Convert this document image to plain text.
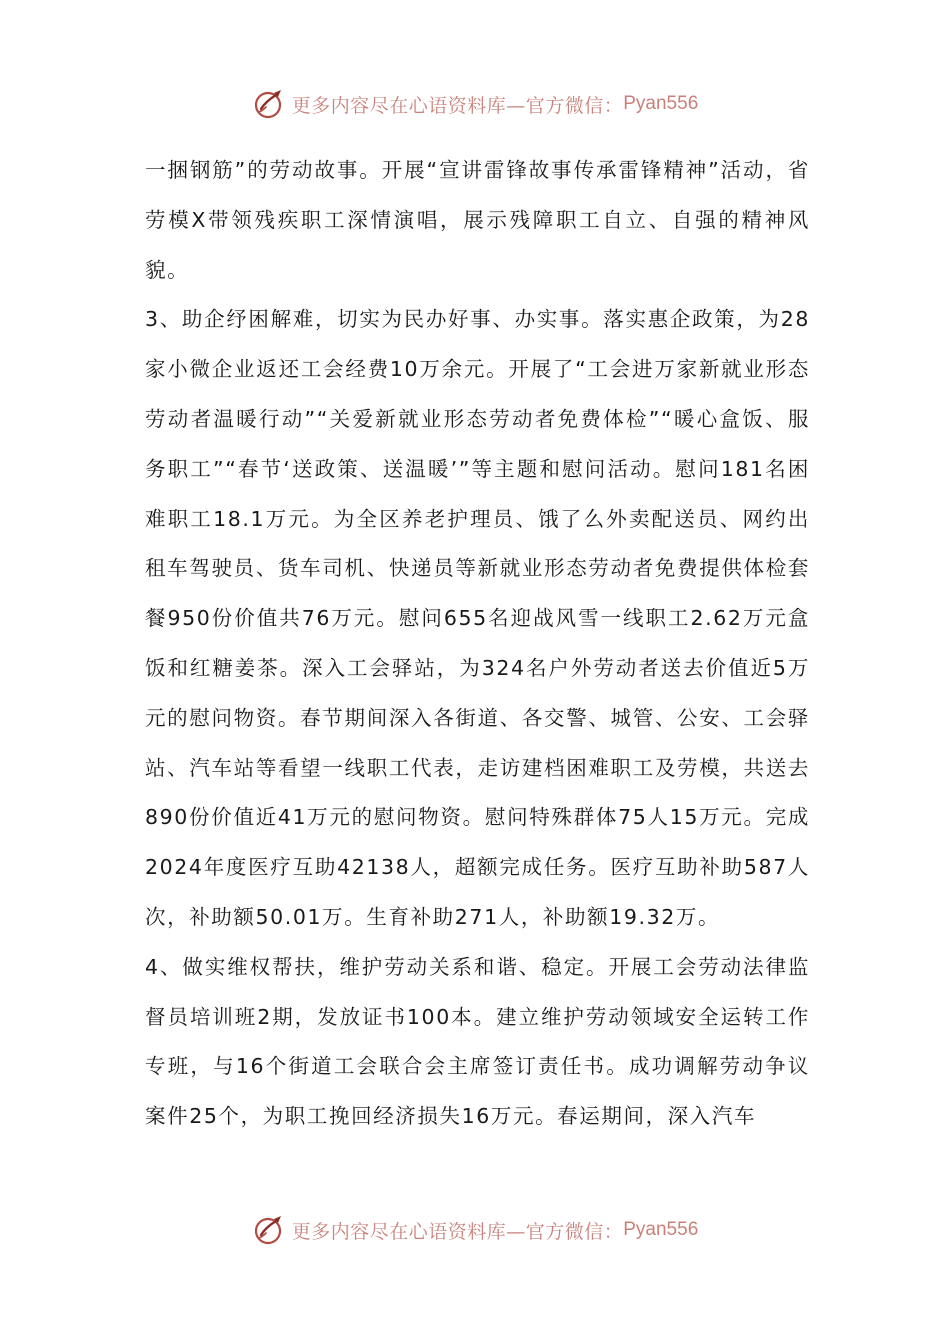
更多内容尽在心语资料库—官方微信： Pyan556

一捆钢筋”的劳动故事。开展“宣讲雷锋故事传承雷锋精神”活动，省劳模X带领残疾职工深情演唱，展示残障职工自立、自强的精神风貌。

3、助企纾困解难，切实为民办好事、办实事。落实惠企政策，为28家小微企业返还工会经费10万余元。开展了“工会进万家新就业形态劳动者温暖行动”“关爱新就业形态劳动者免费体检”“暖心盒饭、服务职工”“春节‘送政策、送温暖’”等主题和慰问活动。慰问181名困难职工18.1万元。为全区养老护理员、饿了么外卖配送员、网约出租车驾驶员、货车司机、快递员等新就业形态劳动者免费提供体检套餐950份价值共76万元。慰问655名迎战风雪一线职工2.62万元盒饭和红糖姜茶。深入工会驿站，为324名户外劳动者送去价值近5万元的慰问物资。春节期间深入各街道、各交警、城管、公安、工会驿站、汽车站等看望一线职工代表，走访建档困难职工及劳模，共送去890份价值近41万元的慰问物资。慰问特殊群体75人15万元。完成2024年度医疗互助42138人，超额完成任务。医疗互助补助587人次，补助额50.01万。生育补助271人，补助额19.32万。

4、做实维权帮扶，维护劳动关系和谐、稳定。开展工会劳动法律监督员培训班2期，发放证书100本。建立维护劳动领域安全运转工作专班，与16个街道工会联合会主席签订责任书。成功调解劳动争议案件25个，为职工挽回经济损失16万元。春运期间，深入汽车

更多内容尽在心语资料库—官方微信： Pyan556
